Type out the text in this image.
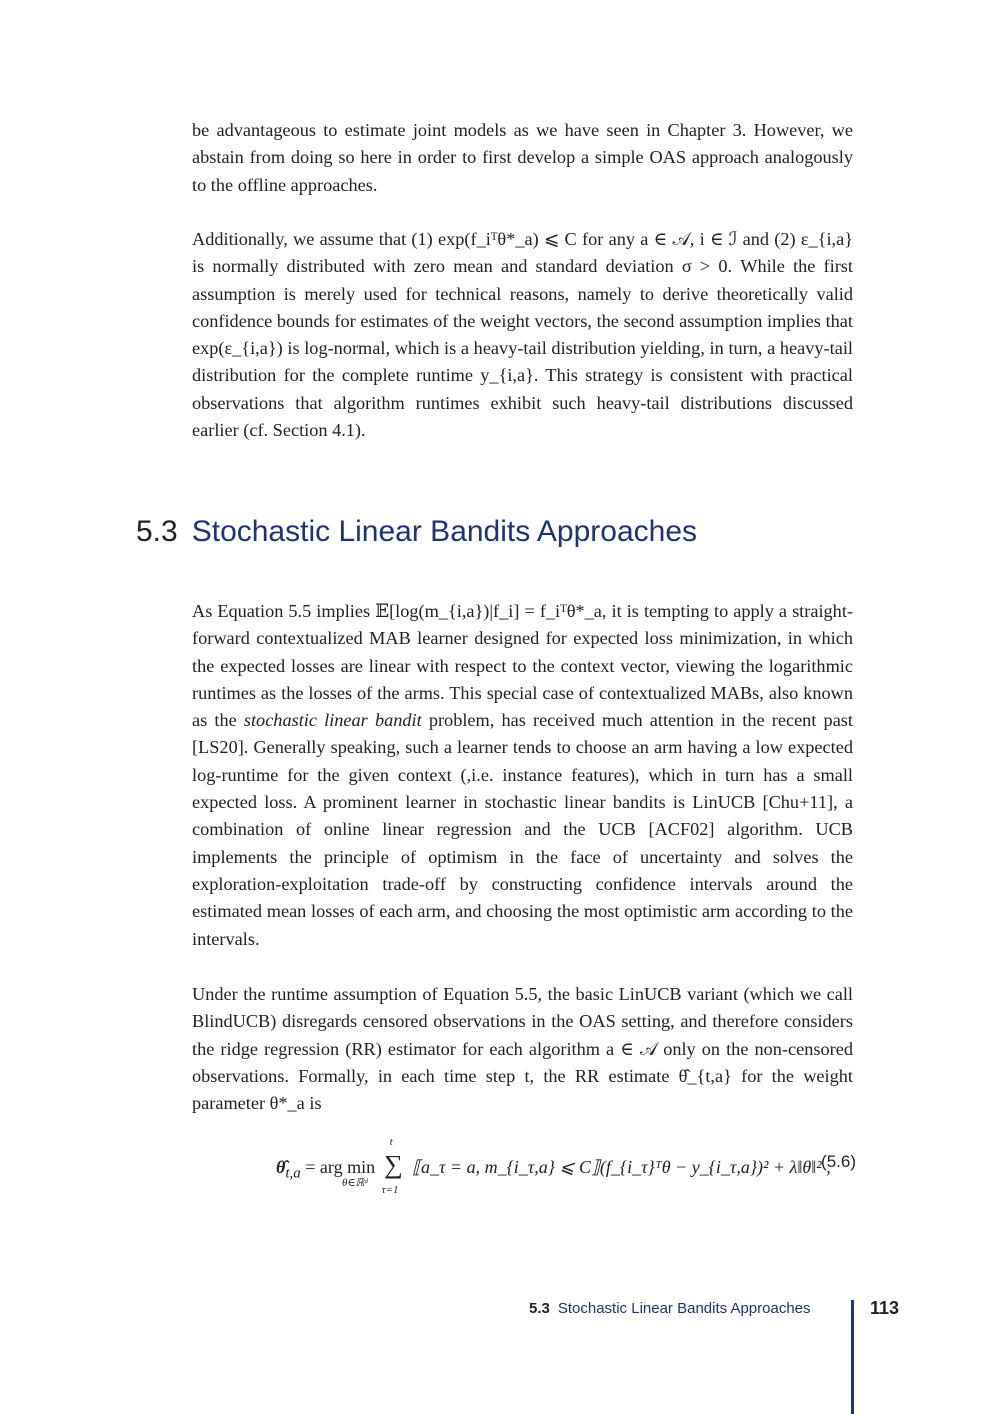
be advantageous to estimate joint models as we have seen in Chapter 3. However, we abstain from doing so here in order to first develop a simple OAS approach analogously to the offline approaches.

Additionally, we assume that (1) exp(f_iᵀθ*_a) ⩽ C for any a ∈ 𝒜, i ∈ ℐ and (2) ε_{i,a} is normally distributed with zero mean and standard deviation σ > 0. While the first assumption is merely used for technical reasons, namely to derive theoretically valid confidence bounds for estimates of the weight vectors, the second assumption implies that exp(ε_{i,a}) is log-normal, which is a heavy-tail distribution yielding, in turn, a heavy-tail distribution for the complete runtime y_{i,a}. This strategy is consistent with practical observations that algorithm runtimes exhibit such heavy-tail distributions discussed earlier (cf. Section 4.1).

5.3 Stochastic Linear Bandits Approaches

As Equation 5.5 implies 𝔼[log(m_{i,a})|f_i] = f_iᵀθ*_a, it is tempting to apply a straight-forward contextualized MAB learner designed for expected loss minimization, in which the expected losses are linear with respect to the context vector, viewing the logarithmic runtimes as the losses of the arms. This special case of contextualized MABs, also known as the stochastic linear bandit problem, has received much attention in the recent past [LS20]. Generally speaking, such a learner tends to choose an arm having a low expected log-runtime for the given context (,i.e. instance features), which in turn has a small expected loss. A prominent learner in stochastic linear bandits is LinUCB [Chu+11], a combination of online linear regression and the UCB [ACF02] algorithm. UCB implements the principle of optimism in the face of uncertainty and solves the exploration-exploitation trade-off by constructing confidence intervals around the estimated mean losses of each arm, and choosing the most optimistic arm according to the intervals.

Under the runtime assumption of Equation 5.5, the basic LinUCB variant (which we call BlindUCB) disregards censored observations in the OAS setting, and therefore considers the ridge regression (RR) estimator for each algorithm a ∈ 𝒜 only on the non-censored observations. Formally, in each time step t, the RR estimate θ̂_{t,a} for the weight parameter θ*_a is

$\thetâ_{t,a}$ = arg min ∑
t
τ=1
⟦a_τ = a, m_{i_τ,a} ⩽ C⟧(f_{i_τ}ᵀθ − y_{i_τ,a})² + λ‖θ‖² ,
θ∈ℝᵈ
(5.6)
5.3 Stochastic Linear Bandits Approaches	113
